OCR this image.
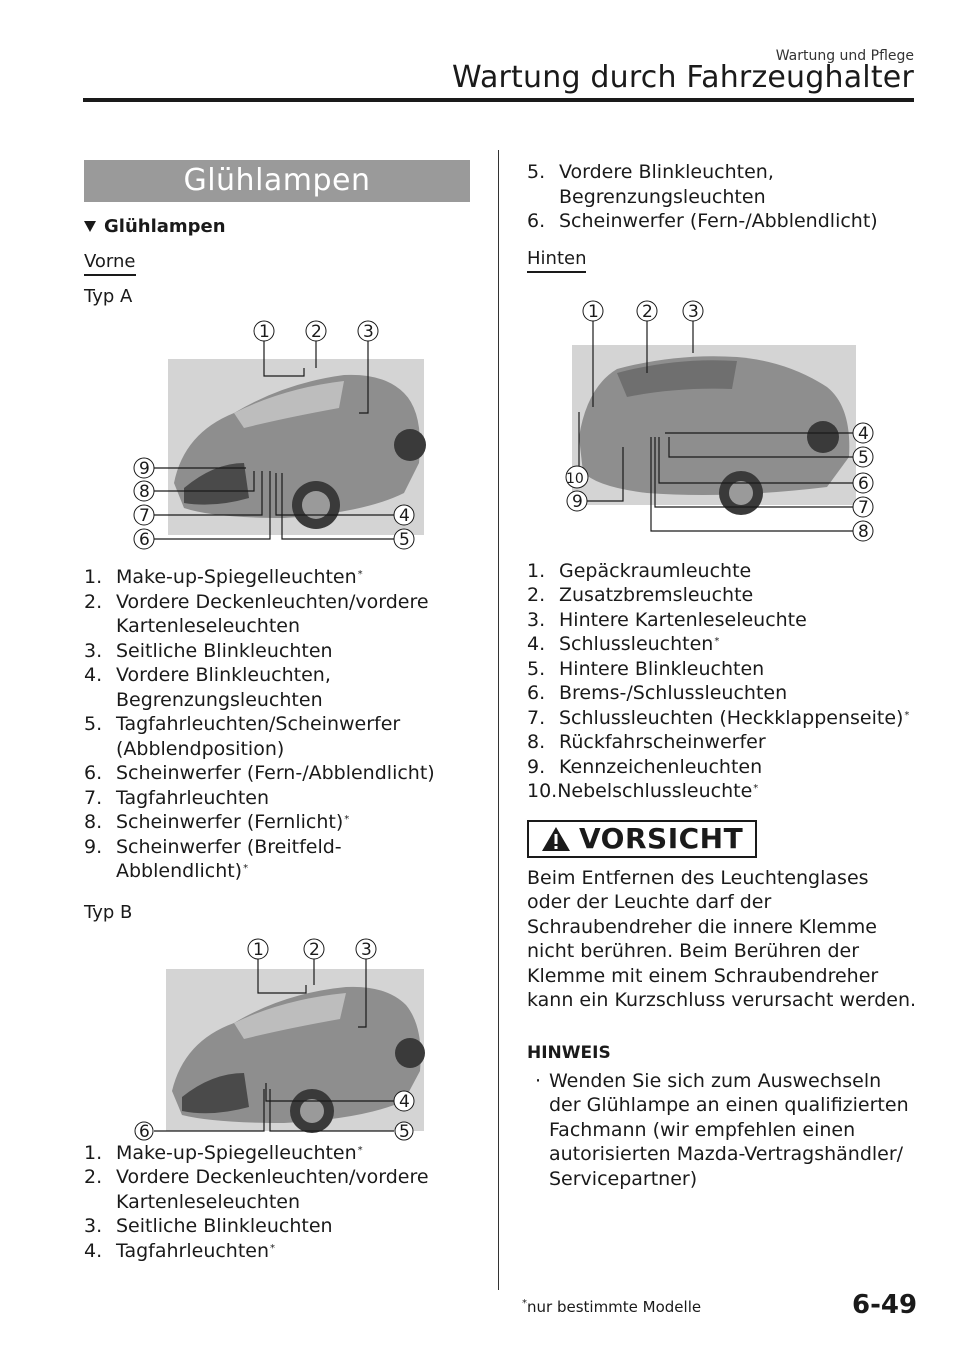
Wartung und Pflege
Wartung durch Fahrzeughalter
Glühlampen
Glühlampen
Vorne
Typ A
1 2 3
9
8
7
6
4
5
1. Make-up-Spiegelleuchten*
2. Vordere Deckenleuchten/vordere Kartenleseleuchten
3. Seitliche Blinkleuchten
4. Vordere Blinkleuchten, Begrenzungsleuchten
5. Tagfahrleuchten/Scheinwerfer (Abblendposition)
6. Scheinwerfer (Fern-/Abblendlicht)
7. Tagfahrleuchten
8. Scheinwerfer (Fernlicht)*
9. Scheinwerfer (Breitfeld-Abblendlicht)*
Typ B
1	2 3
4
6	5
1. Make-up-Spiegelleuchten*
2. Vordere Deckenleuchten/vordere Kartenleseleuchten
3. Seitliche Blinkleuchten
4. Tagfahrleuchten*
5. Vordere Blinkleuchten, Begrenzungsleuchten
6. Scheinwerfer (Fern-/Abblendlicht)
Hinten
1	2 3
4
5
6
7
8
10
9
1. Gepäckraumleuchte
2. Zusatzbremsleuchte
3. Hintere Kartenleseleuchte
4. Schlussleuchten*
5. Hintere Blinkleuchten
6. Brems-/Schlussleuchten
7. Schlussleuchten (Heckklappenseite)*
8. Rückfahrscheinwerfer
9. Kennzeichenleuchten
10. Nebelschlussleuchte*
VORSICHT
Beim Entfernen des Leuchtenglases oder der Leuchte darf der Schraubendreher die innere Klemme nicht berühren. Beim Berühren der Klemme mit einem Schraubendreher kann ein Kurzschluss verursacht werden.
HINWEIS
· Wenden Sie sich zum Auswechseln der Glühlampe an einen qualifizierten Fachmann (wir empfehlen einen autorisierten Mazda-Vertragshändler/ Servicepartner)
*nur bestimmte Modelle	6-49
